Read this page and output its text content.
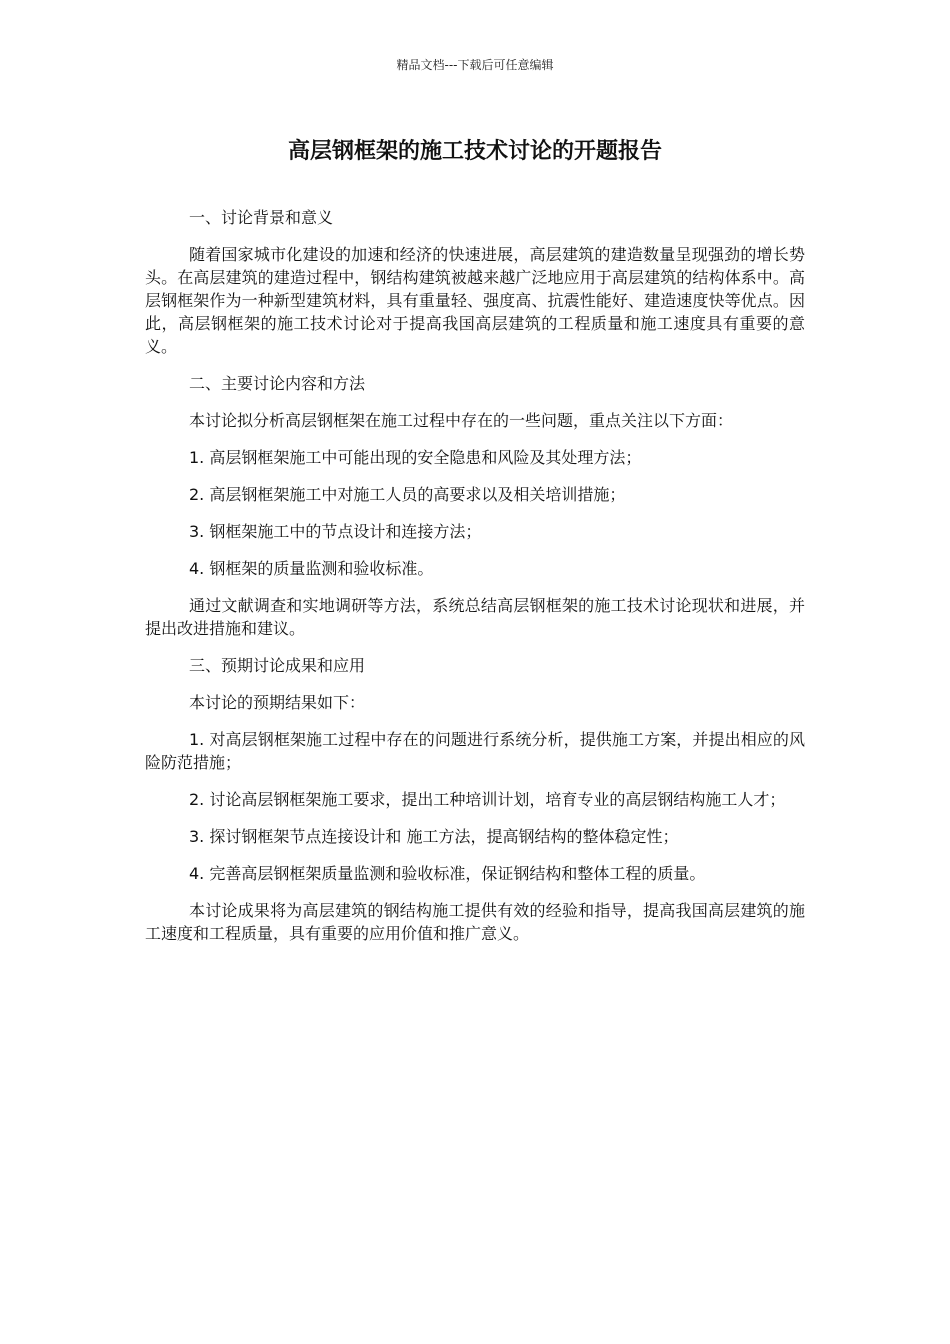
精品文档---下载后可任意编辑
高层钢框架的施工技术讨论的开题报告

一、讨论背景和意义

随着国家城市化建设的加速和经济的快速进展，高层建筑的建造数量呈现强劲的增长势头。在高层建筑的建造过程中，钢结构建筑被越来越广泛地应用于高层建筑的结构体系中。高层钢框架作为一种新型建筑材料，具有重量轻、强度高、抗震性能好、建造速度快等优点。因此，高层钢框架的施工技术讨论对于提高我国高层建筑的工程质量和施工速度具有重要的意义。

二、主要讨论内容和方法

本讨论拟分析高层钢框架在施工过程中存在的一些问题，重点关注以下方面：

1. 高层钢框架施工中可能出现的安全隐患和风险及其处理方法；

2. 高层钢框架施工中对施工人员的高要求以及相关培训措施；

3. 钢框架施工中的节点设计和连接方法；

4. 钢框架的质量监测和验收标准。

通过文献调查和实地调研等方法，系统总结高层钢框架的施工技术讨论现状和进展，并提出改进措施和建议。

三、预期讨论成果和应用

本讨论的预期结果如下：

1. 对高层钢框架施工过程中存在的问题进行系统分析，提供施工方案，并提出相应的风险防范措施；

2. 讨论高层钢框架施工要求，提出工种培训计划，培育专业的高层钢结构施工人才；

3. 探讨钢框架节点连接设计和 施工方法，提高钢结构的整体稳定性；

4. 完善高层钢框架质量监测和验收标准，保证钢结构和整体工程的质量。

本讨论成果将为高层建筑的钢结构施工提供有效的经验和指导，提高我国高层建筑的施工速度和工程质量，具有重要的应用价值和推广意义。
